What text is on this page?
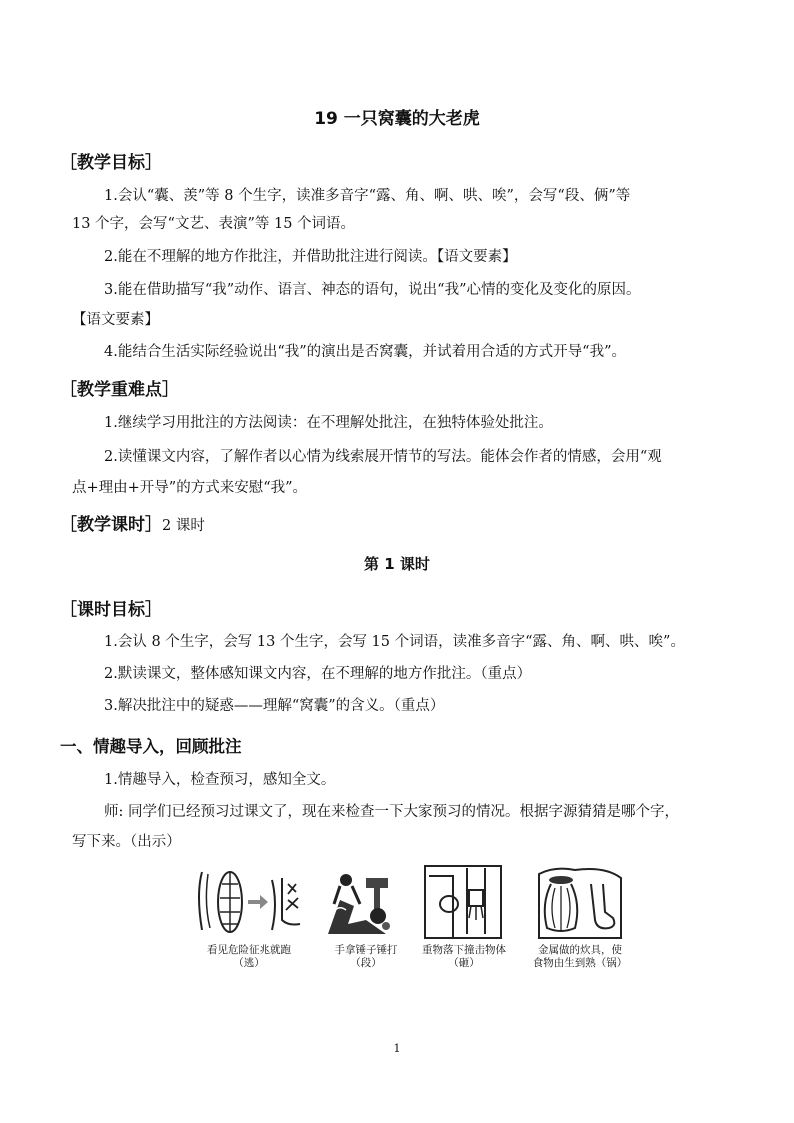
19 一只窝囊的大老虎
［教学目标］
1.会认“囊、羡”等 8 个生字，读准多音字“露、角、啊、哄、唉”，会写“段、俩”等
13 个字，会写“文艺、表演”等 15 个词语。
2.能在不理解的地方作批注，并借助批注进行阅读。【语文要素】
3.能在借助描写“我”动作、语言、神态的语句，说出“我”心情的变化及变化的原因。
【语文要素】
4.能结合生活实际经验说出“我”的演出是否窝囊，并试着用合适的方式开导“我”。
［教学重难点］
1.继续学习用批注的方法阅读：在不理解处批注，在独特体验处批注。
2.读懂课文内容，了解作者以心情为线索展开情节的写法。能体会作者的情感，会用“观
点+理由+开导”的方式来安慰“我”。
［教学课时］2 课时
第 1 课时
［课时目标］
1.会认 8 个生字，会写 13 个生字，会写 15 个词语，读准多音字“露、角、啊、哄、唉”。
2.默读课文，整体感知课文内容，在不理解的地方作批注。（重点）
3.解决批注中的疑惑——理解“窝囊”的含义。（重点）
一、情趣导入，回顾批注
1.情趣导入，检查预习，感知全文。
师: 同学们已经预习过课文了，现在来检查一下大家预习的情况。根据字源猜猜是哪个字，
写下来。（出示）
看见危险征兆就跑
（逃）
手拿锤子锤打
（段）
重物落下撞击物体
（砸）
金属做的炊具，使
食物由生到熟（锅）
1
